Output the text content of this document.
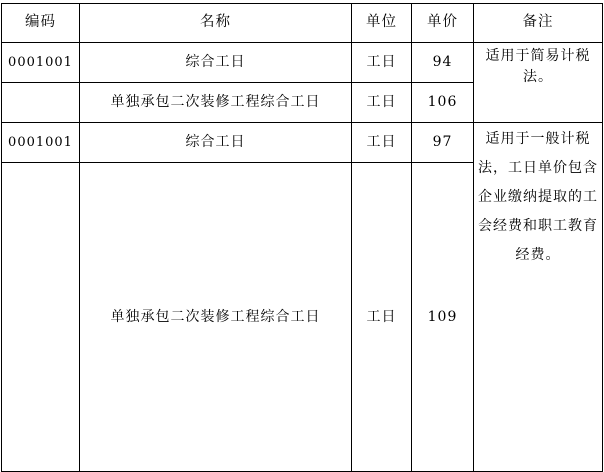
编码	名称	单位	单价	备注
0001001	综合工日	工日	94	适用于简易计税法。
	单独承包二次装修工程综合工日	工日	106	
0001001	综合工日	工日	97	适用于一般计税法，工日单价包含企业缴纳提取的工会经费和职工教育经费。
	单独承包二次装修工程综合工日	工日	109	
